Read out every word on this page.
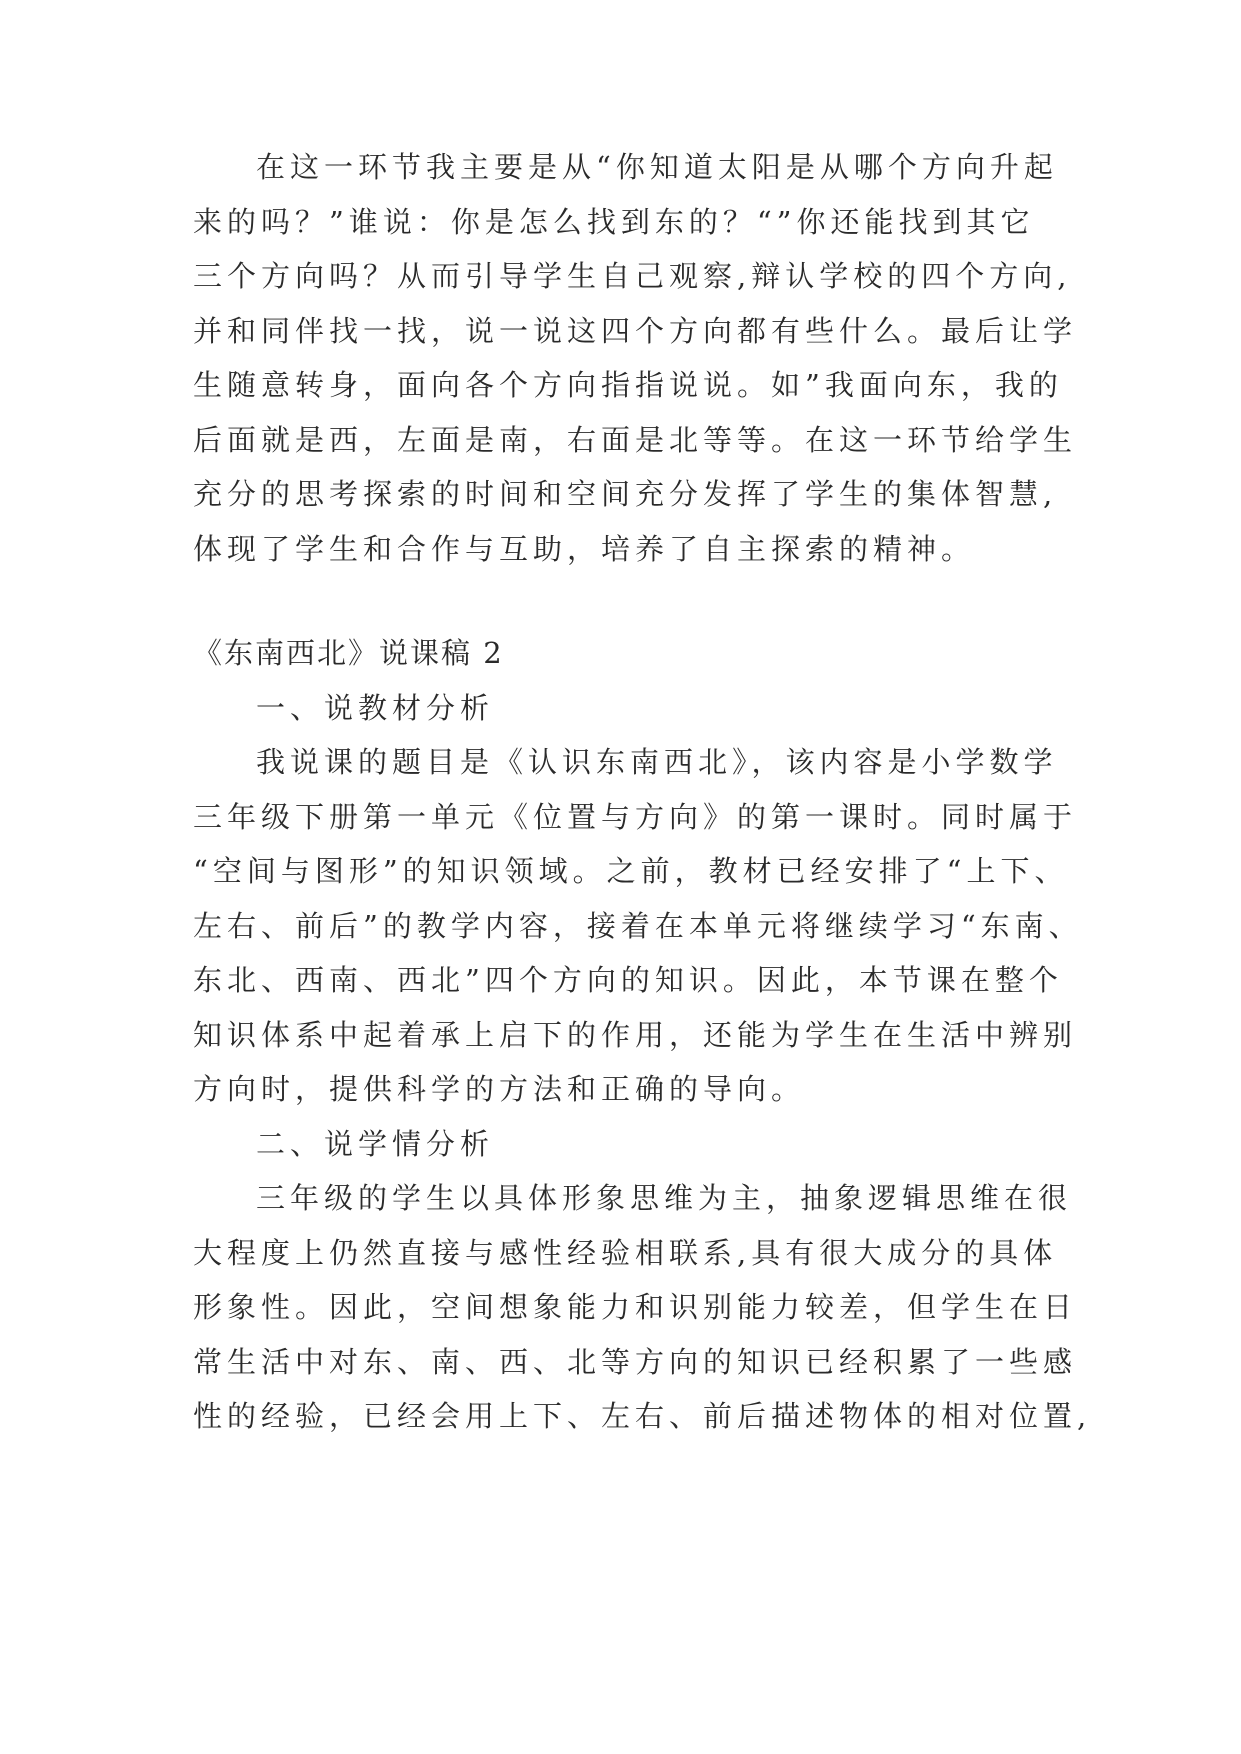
在这一环节我主要是从“你知道太阳是从哪个方向升起
来的吗？”谁说：你是怎么找到东的？“”你还能找到其它
三个方向吗？从而引导学生自己观察,辩认学校的四个方向,
并和同伴找一找，说一说这四个方向都有些什么。最后让学
生随意转身，面向各个方向指指说说。如”我面向东，我的
后面就是西，左面是南，右面是北等等。在这一环节给学生
充分的思考探索的时间和空间充分发挥了学生的集体智慧,
体现了学生和合作与互助，培养了自主探索的精神。
《东南西北》说课稿 2
一、说教材分析
我说课的题目是《认识东南西北》，该内容是小学数学
三年级下册第一单元《位置与方向》的第一课时。同时属于
“空间与图形”的知识领域。之前，教材已经安排了“上下、
左右、前后”的教学内容，接着在本单元将继续学习“东南、
东北、西南、西北”四个方向的知识。因此，本节课在整个
知识体系中起着承上启下的作用，还能为学生在生活中辨别
方向时，提供科学的方法和正确的导向。
二、说学情分析
三年级的学生以具体形象思维为主，抽象逻辑思维在很
大程度上仍然直接与感性经验相联系,具有很大成分的具体
形象性。因此，空间想象能力和识别能力较差，但学生在日
常生活中对东、南、西、北等方向的知识已经积累了一些感
性的经验，已经会用上下、左右、前后描述物体的相对位置,
